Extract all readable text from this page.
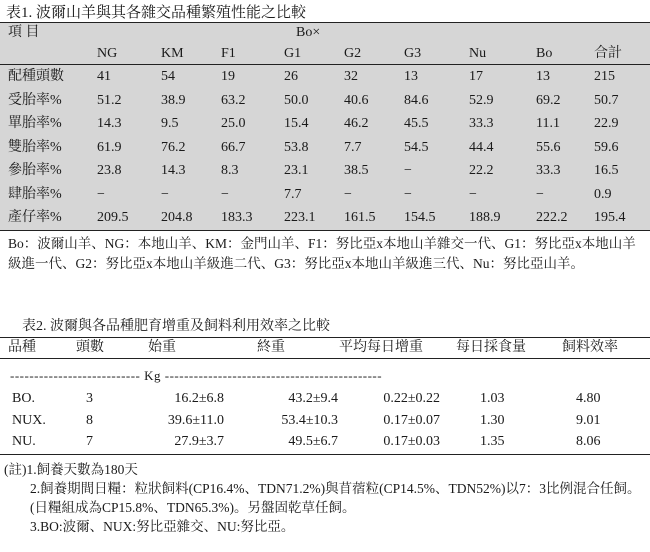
表1. 波爾山羊與其各雜交品種繁殖性能之比較
項 目	Bo×
NG	KM	F1	G1	G2	G3	Nu	Bo	合計
配種頭數 41	54	19	26	32	13	17	13	215
受胎率%	51.2	38.9	63.2	50.0	40.6	84.6	52.9	69.2 50.7
單胎率%	14.3	9.5	25.0	15.4	46.2	45.5	33.3	11.1 22.9
雙胎率%	61.9	76.2	66.7	53.8	7.7	54.5	44.4	55.6 59.6
參胎率%	23.8	14.3	8.3	23.1	38.5	−	22.2	33.3 16.5
肆胎率%	−	−	−	7.7	−	−	−	−	0.9
產仔率%	209.5 204.8 183.3 223.1 161.5 154.5 188.9	222.2 195.4
Bo：波爾山羊、NG：本地山羊、KM：金門山羊、F1：努比亞x本地山羊雜交一代、G1：努比亞x本地山羊級進一代、G2：努比亞x本地山羊級進二代、G3：努比亞x本地山羊級進三代、Nu：努比亞山羊。
表2. 波爾與各品種肥育增重及飼料利用效率之比較
品種	頭數	始重	終重	平均每日增重 每日採食量	飼料效率
--------------------------- Kg ---------------------------------------------
BO.	3	16.2±6.8	43.2±9.4	0.22±0.22	1.03	4.80
NUX.	8	39.6±11.0	53.4±10.3	0.17±0.07	1.30	9.01
NU.	7	27.9±3.7	49.5±6.7	0.17±0.03	1.35	8.06
(註)1.飼養天數為180天
2.飼養期間日糧：粒狀飼料(CP16.4%、TDN71.2%)與苜蓿粒(CP14.5%、TDN52%)以7：3比例混合任飼。(日糧組成為CP15.8%、TDN65.3%)。另盤固乾草任飼。
3.BO:波爾、NUX:努比亞雜交、NU:努比亞。
